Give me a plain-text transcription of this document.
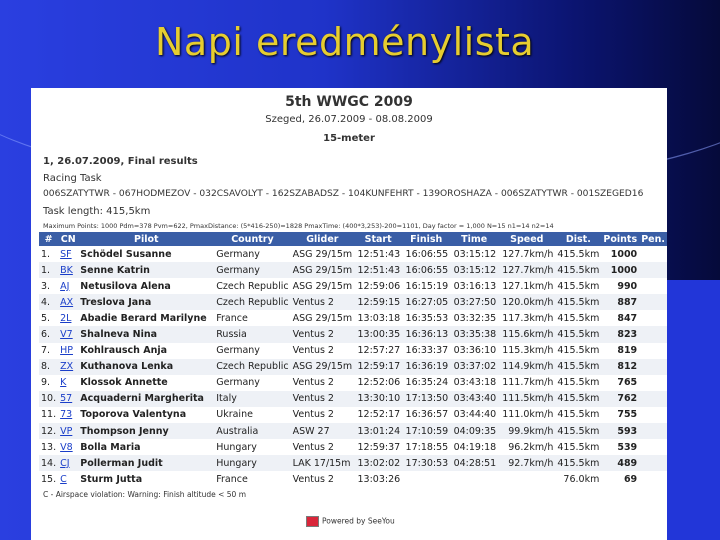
Napi eredménylista
5th WWGC 2009
Szeged, 26.07.2009 - 08.08.2009
15-meter
1, 26.07.2009, Final results
Racing Task
006SZATYTWR - 067HODMEZOV - 032CSAVOLYT - 162SZABADSZ - 104KUNFEHRT - 139OROSHAZA - 006SZATYTWR - 001SZEGED16
Task length: 415,5km
Maximum Points: 1000 Pdm=378 Pvm=622, PmaxDistance: (5*416-250)=1828 PmaxTime: (400*3,253)-200=1101, Day factor = 1,000 N=15 n1=14 n2=14
#	CN	Pilot	Country	Glider	Start	Finish	Time	Speed	Dist.	Points	Pen.
1.	SF	Schödel Susanne	Germany	ASG 29/15m	12:51:43	16:06:55	03:15:12	127.7km/h	415.5km	1000	
1.	BK	Senne Katrin	Germany	ASG 29/15m	12:51:43	16:06:55	03:15:12	127.7km/h	415.5km	1000	
3.	AJ	Netusilova Alena	Czech Republic	ASG 29/15m	12:59:06	16:15:19	03:16:13	127.1km/h	415.5km	990	
4.	AX	Treslova Jana	Czech Republic	Ventus 2	12:59:15	16:27:05	03:27:50	120.0km/h	415.5km	887	
5.	2L	Abadie Berard Marilyne	France	ASG 29/15m	13:03:18	16:35:53	03:32:35	117.3km/h	415.5km	847	
6.	V7	Shalneva Nina	Russia	Ventus 2	13:00:35	16:36:13	03:35:38	115.6km/h	415.5km	823	
7.	HP	Kohlrausch Anja	Germany	Ventus 2	12:57:27	16:33:37	03:36:10	115.3km/h	415.5km	819	
8.	ZX	Kuthanova Lenka	Czech Republic	ASG 29/15m	12:59:17	16:36:19	03:37:02	114.9km/h	415.5km	812	
9.	K	Klossok Annette	Germany	Ventus 2	12:52:06	16:35:24	03:43:18	111.7km/h	415.5km	765	
10.	57	Acquaderni Margherita	Italy	Ventus 2	13:30:10	17:13:50	03:43:40	111.5km/h	415.5km	762	
11.	73	Toporova Valentyna	Ukraine	Ventus 2	12:52:17	16:36:57	03:44:40	111.0km/h	415.5km	755	
12.	VP	Thompson Jenny	Australia	ASW 27	13:01:24	17:10:59	04:09:35	99.9km/h	415.5km	593	
13.	V8	Bolla Maria	Hungary	Ventus 2	12:59:37	17:18:55	04:19:18	96.2km/h	415.5km	539	
14.	CJ	Pollerman Judit	Hungary	LAK 17/15m	13:02:02	17:30:53	04:28:51	92.7km/h	415.5km	489	
15.	C	Sturm Jutta	France	Ventus 2	13:03:26				76.0km	69	
C - Airspace violation: Warning: Finish altitude < 50 m
Powered by SeeYou
